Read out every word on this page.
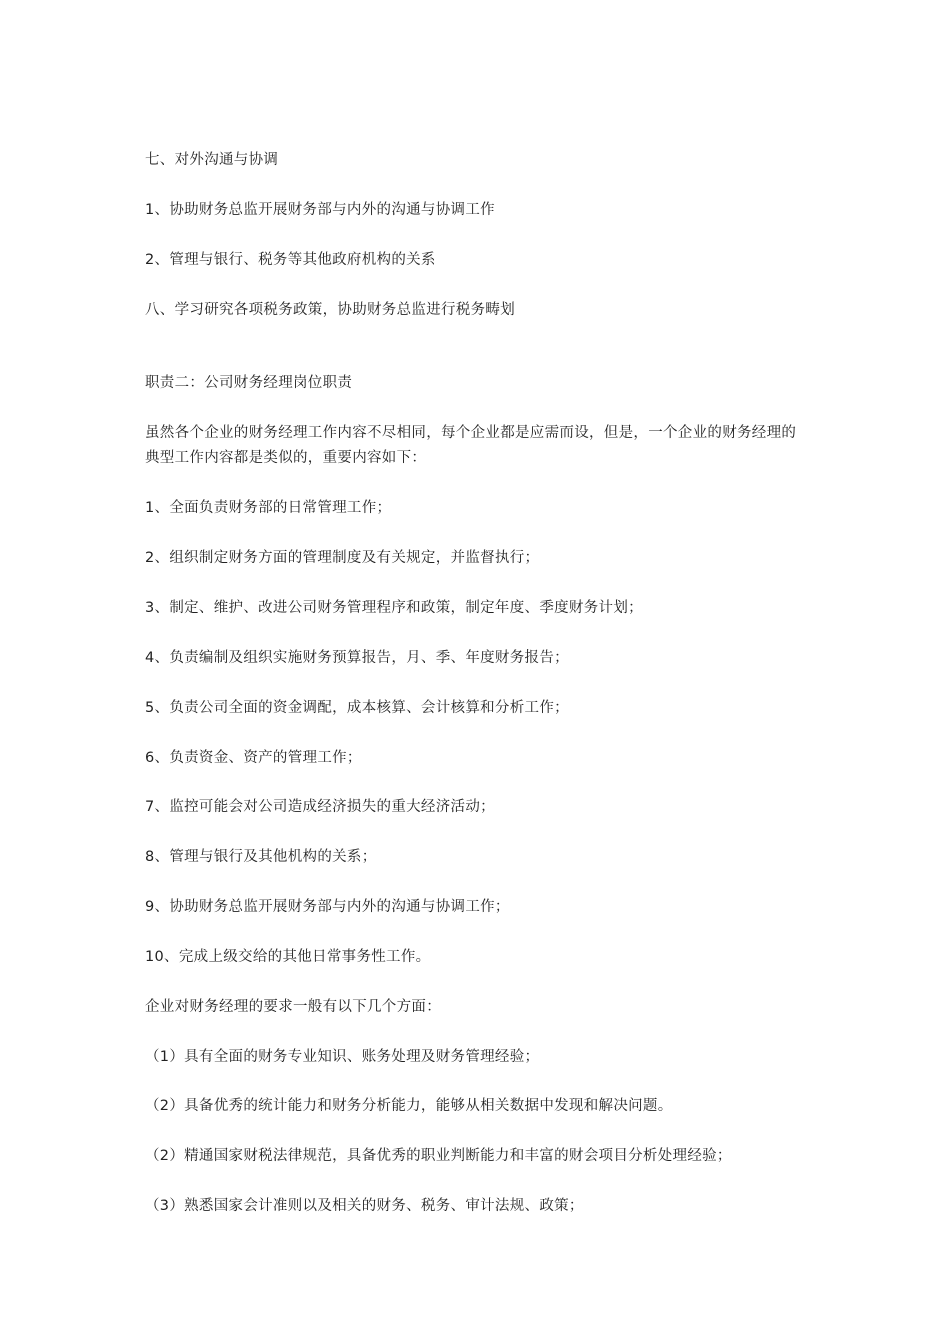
七、对外沟通与协调
1、协助财务总监开展财务部与内外的沟通与协调工作
2、管理与银行、税务等其他政府机构的关系
八、学习研究各项税务政策，协助财务总监进行税务畴划
职责二：公司财务经理岗位职责
虽然各个企业的财务经理工作内容不尽相同，每个企业都是应需而设，但是，一个企业的财务经理的典型工作内容都是类似的，重要内容如下：
1、全面负责财务部的日常管理工作；
2、组织制定财务方面的管理制度及有关规定，并监督执行；
3、制定、维护、改进公司财务管理程序和政策，制定年度、季度财务计划；
4、负责编制及组织实施财务预算报告，月、季、年度财务报告；
5、负责公司全面的资金调配，成本核算、会计核算和分析工作；
6、负责资金、资产的管理工作；
7、监控可能会对公司造成经济损失的重大经济活动；
8、管理与银行及其他机构的关系；
9、协助财务总监开展财务部与内外的沟通与协调工作；
10、完成上级交给的其他日常事务性工作。
企业对财务经理的要求一般有以下几个方面：
（1）具有全面的财务专业知识、账务处理及财务管理经验；
（2）具备优秀的统计能力和财务分析能力，能够从相关数据中发现和解决问题。
（2）精通国家财税法律规范，具备优秀的职业判断能力和丰富的财会项目分析处理经验；
（3）熟悉国家会计准则以及相关的财务、税务、审计法规、政策；
